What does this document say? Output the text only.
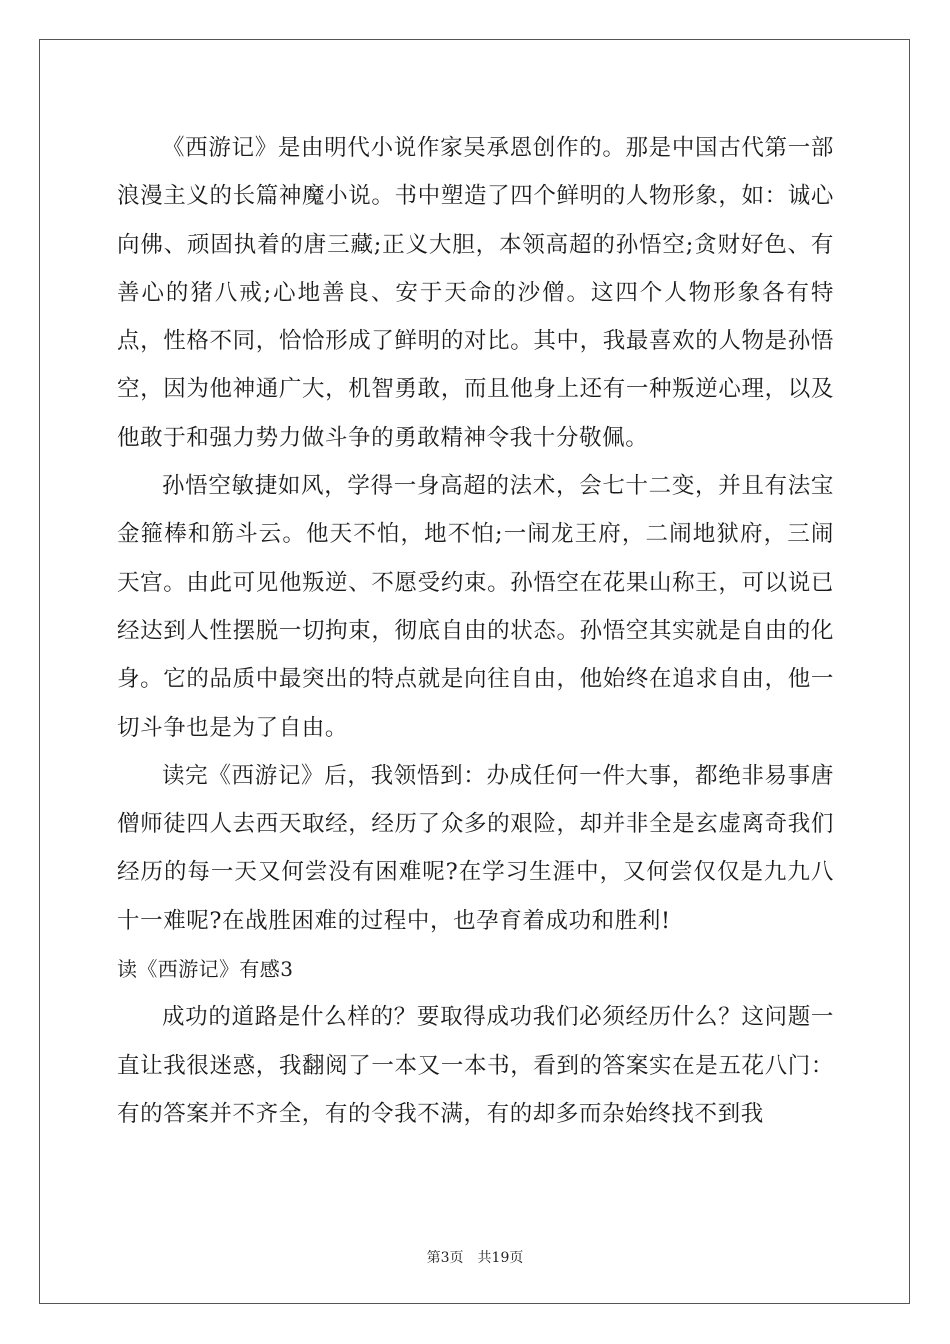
《西游记》是由明代小说作家吴承恩创作的。那是中国古代第一部浪漫主义的长篇神魔小说。书中塑造了四个鲜明的人物形象，如：诚心向佛、顽固执着的唐三藏;正义大胆，本领高超的孙悟空;贪财好色、有善心的猪八戒;心地善良、安于天命的沙僧。这四个人物形象各有特点，性格不同，恰恰形成了鲜明的对比。其中，我最喜欢的人物是孙悟空，因为他神通广大，机智勇敢，而且他身上还有一种叛逆心理，以及他敢于和强力势力做斗争的勇敢精神令我十分敬佩。

孙悟空敏捷如风，学得一身高超的法术，会七十二变，并且有法宝金箍棒和筋斗云。他天不怕，地不怕;一闹龙王府，二闹地狱府，三闹天宫。由此可见他叛逆、不愿受约束。孙悟空在花果山称王，可以说已经达到人性摆脱一切拘束，彻底自由的状态。孙悟空其实就是自由的化身。它的品质中最突出的特点就是向往自由，他始终在追求自由，他一切斗争也是为了自由。

读完《西游记》后，我领悟到：办成任何一件大事，都绝非易事唐僧师徒四人去西天取经，经历了众多的艰险，却并非全是玄虚离奇我们经历的每一天又何尝没有困难呢?在学习生涯中，又何尝仅仅是九九八十一难呢?在战胜困难的过程中，也孕育着成功和胜利!

读《西游记》有感3

成功的道路是什么样的？要取得成功我们必须经历什么？这问题一直让我很迷惑，我翻阅了一本又一本书，看到的答案实在是五花八门：有的答案并不齐全，有的令我不满，有的却多而杂始终找不到我

第3页 共19页
